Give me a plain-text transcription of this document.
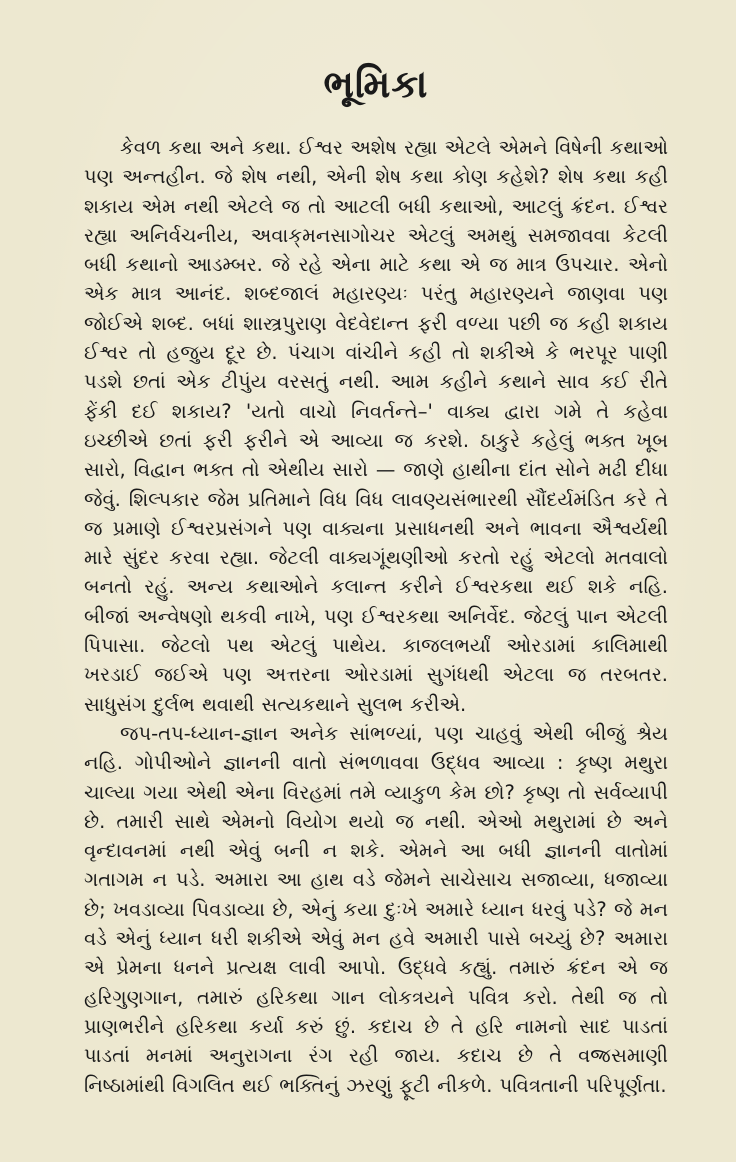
ભૂમિકા

કેવળ કથા અને કથા. ઈશ્વર અશેષ રહ્યા એટલે એમને વિષેની કથાઓ પણ અન્તહીન. જે શેષ નથી, એની શેષ કથા કોણ કહેશે? શેષ કથા કહી શકાય એમ નથી એટલે જ તો આટલી બધી કથાઓ, આટલું ક્રંદન. ઈશ્વર રહ્યા અનિર્વચનીય, અવાક્‌મનસાગોચર એટલું અમથું સમજાવવા કેટલી બધી કથાનો આડમ્બર. જે રહે એના માટે કથા એ જ માત્ર ઉપચાર. એનો એક માત્ર આનંદ. શબ્દજાલં મહારણ્યઃ પરંતુ મહારણ્યને જાણવા પણ જોઈએ શબ્દ. બધાં શાસ્ત્રપુરાણ વેદવેદાન્ત ફરી વળ્યા પછી જ કહી શકાય ઈશ્વર તો હજુય દૂર છે. પંચાગ વાંચીને કહી તો શકીએ કે ભરપૂર પાણી પડશે છતાં એક ટીપુંય વરસતું નથી. આમ કહીને કથાને સાવ કઈ રીતે ફેંકી દઈ શકાય? 'યતો વાચો નિવર્તન્તે–' વાક્ય દ્વારા ગમે તે કહેવા ઇચ્છીએ છતાં ફરી ફરીને એ આવ્યા જ કરશે. ઠાકુરે કહેલું ભક્ત ખૂબ સારો, વિદ્વાન ભક્ત તો એથીય સારો — જાણે હાથીના દાંત સોને મઢી દીધા જેવું. શિલ્પકાર જેમ પ્રતિમાને વિધ વિધ લાવણ્યસંભારથી સૌંદર્યમંડિત કરે તે જ પ્રમાણે ઈશ્વરપ્રસંગને પણ વાક્યના પ્રસાધનથી અને ભાવના ઐશ્વર્યથી મારે સુંદર કરવા રહ્યા. જેટલી વાક્યગૂંથણીઓ કરતો રહું એટલો મતવાલો બનતો રહું. અન્ય કથાઓને કલાન્ત કરીને ઈશ્વરકથા થઈ શકે નહિ. બીજાં અન્વેષણો થકવી નાખે, પણ ઈશ્વરકથા અનિર્વેદ. જેટલું પાન એટલી પિપાસા. જેટલો પથ એટલું પાથેય. કાજલભર્યાં ઓરડામાં કાલિમાથી ખરડાઈ જઈએ પણ અત્તરના ઓરડામાં સુગંધથી એટલા જ તરબતર. સાધુસંગ દુર્લભ થવાથી સત્યકથાને સુલભ કરીએ.

જપ-તપ-ધ્યાન-જ્ઞાન અનેક સાંભળ્યાં, પણ ચાહવું એથી બીજું શ્રેય નહિ. ગોપીઓને જ્ઞાનની વાતો સંભળાવવા ઉદ્ધવ આવ્યા : કૃષ્ણ મથુરા ચાલ્યા ગયા એથી એના વિરહમાં તમે વ્યાકુળ કેમ છો? કૃષ્ણ તો સર્વવ્યાપી છે. તમારી સાથે એમનો વિયોગ થયો જ નથી. એઓ મથુરામાં છે અને વૃન્દાવનમાં નથી એવું બની ન શકે. એમને આ બધી જ્ઞાનની વાતોમાં ગતાગમ ન પડે. અમારા આ હાથ વડે જેમને સાચેસાચ સજાવ્યા, ધજાવ્યા છે; ખવડાવ્યા પિવડાવ્યા છે, એનું કયા દુઃખે અમારે ધ્યાન ધરવું પડે? જે મન વડે એનું ધ્યાન ધરી શકીએ એવું મન હવે અમારી પાસે બચ્યું છે? અમારા એ પ્રેમના ધનને પ્રત્યક્ષ લાવી આપો. ઉદ્ધવે કહ્યું. તમારું ક્રંદન એ જ હરિગુણગાન, તમારું હરિકથા ગાન લોકત્રયને પવિત્ર કરો. તેથી જ તો પ્રાણભરીને હરિકથા કર્યા કરું છું. કદાચ છે તે હરિ નામનો સાદ પાડતાં પાડતાં મનમાં અનુરાગના રંગ રહી જાય. કદાચ છે તે વજ્રસમાણી નિષ્ઠામાંથી વિગલિત થઈ ભક્તિનું ઝરણું ફૂટી નીકળે. પવિત્રતાની પરિપૂર્ણતા.
